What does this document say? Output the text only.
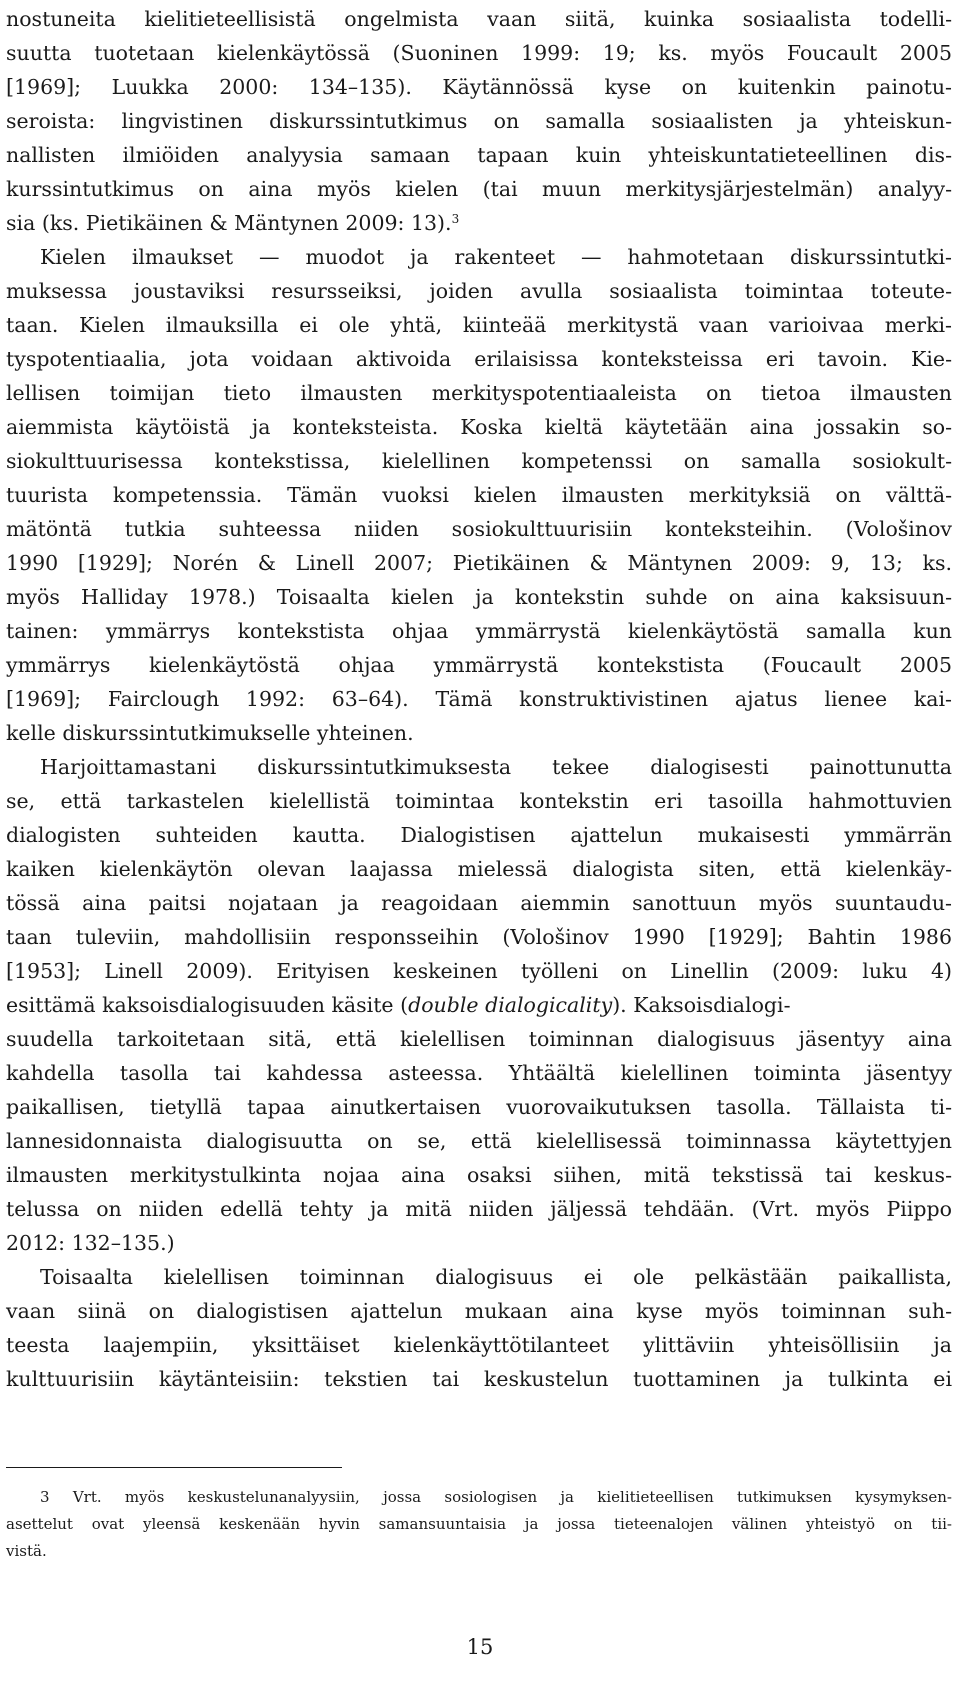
nostuneita kielitieteellisistä ongelmista vaan siitä, kuinka sosiaalista todelli-
suutta tuotetaan kielenkäytössä (Suoninen 1999: 19; ks. myös Foucault 2005
[1969]; Luukka 2000: 134–135). Käytännössä kyse on kuitenkin painotu-
seroista: lingvistinen diskurssintutkimus on samalla sosiaalisten ja yhteiskun-
nallisten ilmiöiden analyysia samaan tapaan kuin yhteiskuntatieteellinen dis-
kurssintutkimus on aina myös kielen (tai muun merkitysjärjestelmän) analyy-
sia (ks. Pietikäinen & Mäntynen 2009: 13).$^3$
Kielen ilmaukset — muodot ja rakenteet — hahmotetaan diskurssintutki-
muksessa joustaviksi resursseiksi, joiden avulla sosiaalista toimintaa toteute-
taan. Kielen ilmauksilla ei ole yhtä, kiinteää merkitystä vaan varioivaa merki-
tyspotentiaalia, jota voidaan aktivoida erilaisissa konteksteissa eri tavoin. Kie-
lellisen toimijan tieto ilmausten merkityspotentiaaleista on tietoa ilmausten
aiemmista käytöistä ja konteksteista. Koska kieltä käytetään aina jossakin so-
siokulttuurisessa kontekstissa, kielellinen kompetenssi on samalla sosiokult-
tuurista kompetenssia. Tämän vuoksi kielen ilmausten merkityksiä on välttä-
mätöntä tutkia suhteessa niiden sosiokulttuurisiin konteksteihin. (Vološinov
1990 [1929]; Norén & Linell 2007; Pietikäinen & Mäntynen 2009: 9, 13; ks.
myös Halliday 1978.) Toisaalta kielen ja kontekstin suhde on aina kaksisuun-
tainen: ymmärrys kontekstista ohjaa ymmärrystä kielenkäytöstä samalla kun
ymmärrys kielenkäytöstä ohjaa ymmärrystä kontekstista (Foucault 2005
[1969]; Fairclough 1992: 63–64). Tämä konstruktivistinen ajatus lienee kai-
kelle diskurssintutkimukselle yhteinen.
Harjoittamastani diskurssintutkimuksesta tekee dialogisesti painottunutta
se, että tarkastelen kielellistä toimintaa kontekstin eri tasoilla hahmottuvien
dialogisten suhteiden kautta. Dialogistisen ajattelun mukaisesti ymmärrän
kaiken kielenkäytön olevan laajassa mielessä dialogista siten, että kielenkäy-
tössä aina paitsi nojataan ja reagoidaan aiemmin sanottuun myös suuntaudu-
taan tuleviin, mahdollisiin responsseihin (Vološinov 1990 [1929]; Bahtin 1986
[1953]; Linell 2009). Erityisen keskeinen työlleni on Linellin (2009: luku 4)
esittämä kaksoisdialogisuuden käsite (double dialogicality). Kaksoisdialogi-
suudella tarkoitetaan sitä, että kielellisen toiminnan dialogisuus jäsentyy aina
kahdella tasolla tai kahdessa asteessa. Yhtäältä kielellinen toiminta jäsentyy
paikallisen, tietyllä tapaa ainutkertaisen vuorovaikutuksen tasolla. Tällaista ti-
lannesidonnaista dialogisuutta on se, että kielellisessä toiminnassa käytettyjen
ilmausten merkitystulkinta nojaa aina osaksi siihen, mitä tekstissä tai keskus-
telussa on niiden edellä tehty ja mitä niiden jäljessä tehdään. (Vrt. myös Piippo
2012: 132–135.)
Toisaalta kielellisen toiminnan dialogisuus ei ole pelkästään paikallista,
vaan siinä on dialogistisen ajattelun mukaan aina kyse myös toiminnan suh-
teesta laajempiin, yksittäiset kielenkäyttötilanteet ylittäviin yhteisöllisiin ja
kulttuurisiin käytänteisiin: tekstien tai keskustelun tuottaminen ja tulkinta ei
3 Vrt. myös keskustelunanalyysiin, jossa sosiologisen ja kielitieteellisen tutkimuksen kysymyksen-
asettelut ovat yleensä keskenään hyvin samansuuntaisia ja jossa tieteenalojen välinen yhteistyö on tii-
vistä.
15
